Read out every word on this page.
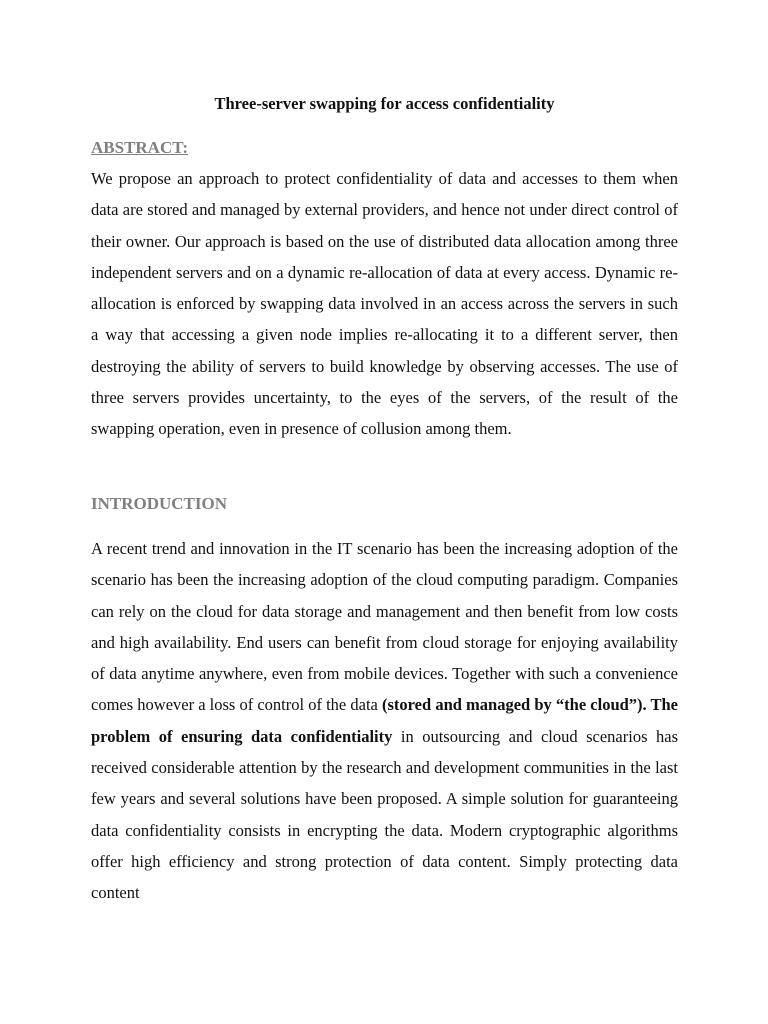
Three-server swapping for access confidentiality
ABSTRACT:

We propose an approach to protect confidentiality of data and accesses to them when data are stored and managed by external providers, and hence not under direct control of their owner. Our approach is based on the use of distributed data allocation among three independent servers and on a dynamic re-allocation of data at every access. Dynamic re-allocation is enforced by swapping data involved in an access across the servers in such a way that accessing a given node implies re-allocating it to a different server, then destroying the ability of servers to build knowledge by observing accesses. The use of three servers provides uncertainty, to the eyes of the servers, of the result of the swapping operation, even in presence of collusion among them.

INTRODUCTION

A recent trend and innovation in the IT scenario has been the increasing adoption of the scenario has been the increasing adoption of the cloud computing paradigm. Companies can rely on the cloud for data storage and management and then benefit from low costs and high availability. End users can benefit from cloud storage for enjoying availability of data anytime anywhere, even from mobile devices. Together with such a convenience comes however a loss of control of the data (stored and managed by “the cloud”). The problem of ensuring data confidentiality in outsourcing and cloud scenarios has received considerable attention by the research and development communities in the last few years and several solutions have been proposed. A simple solution for guaranteeing data confidentiality consists in encrypting the data. Modern cryptographic algorithms offer high efficiency and strong protection of data content. Simply protecting data content
